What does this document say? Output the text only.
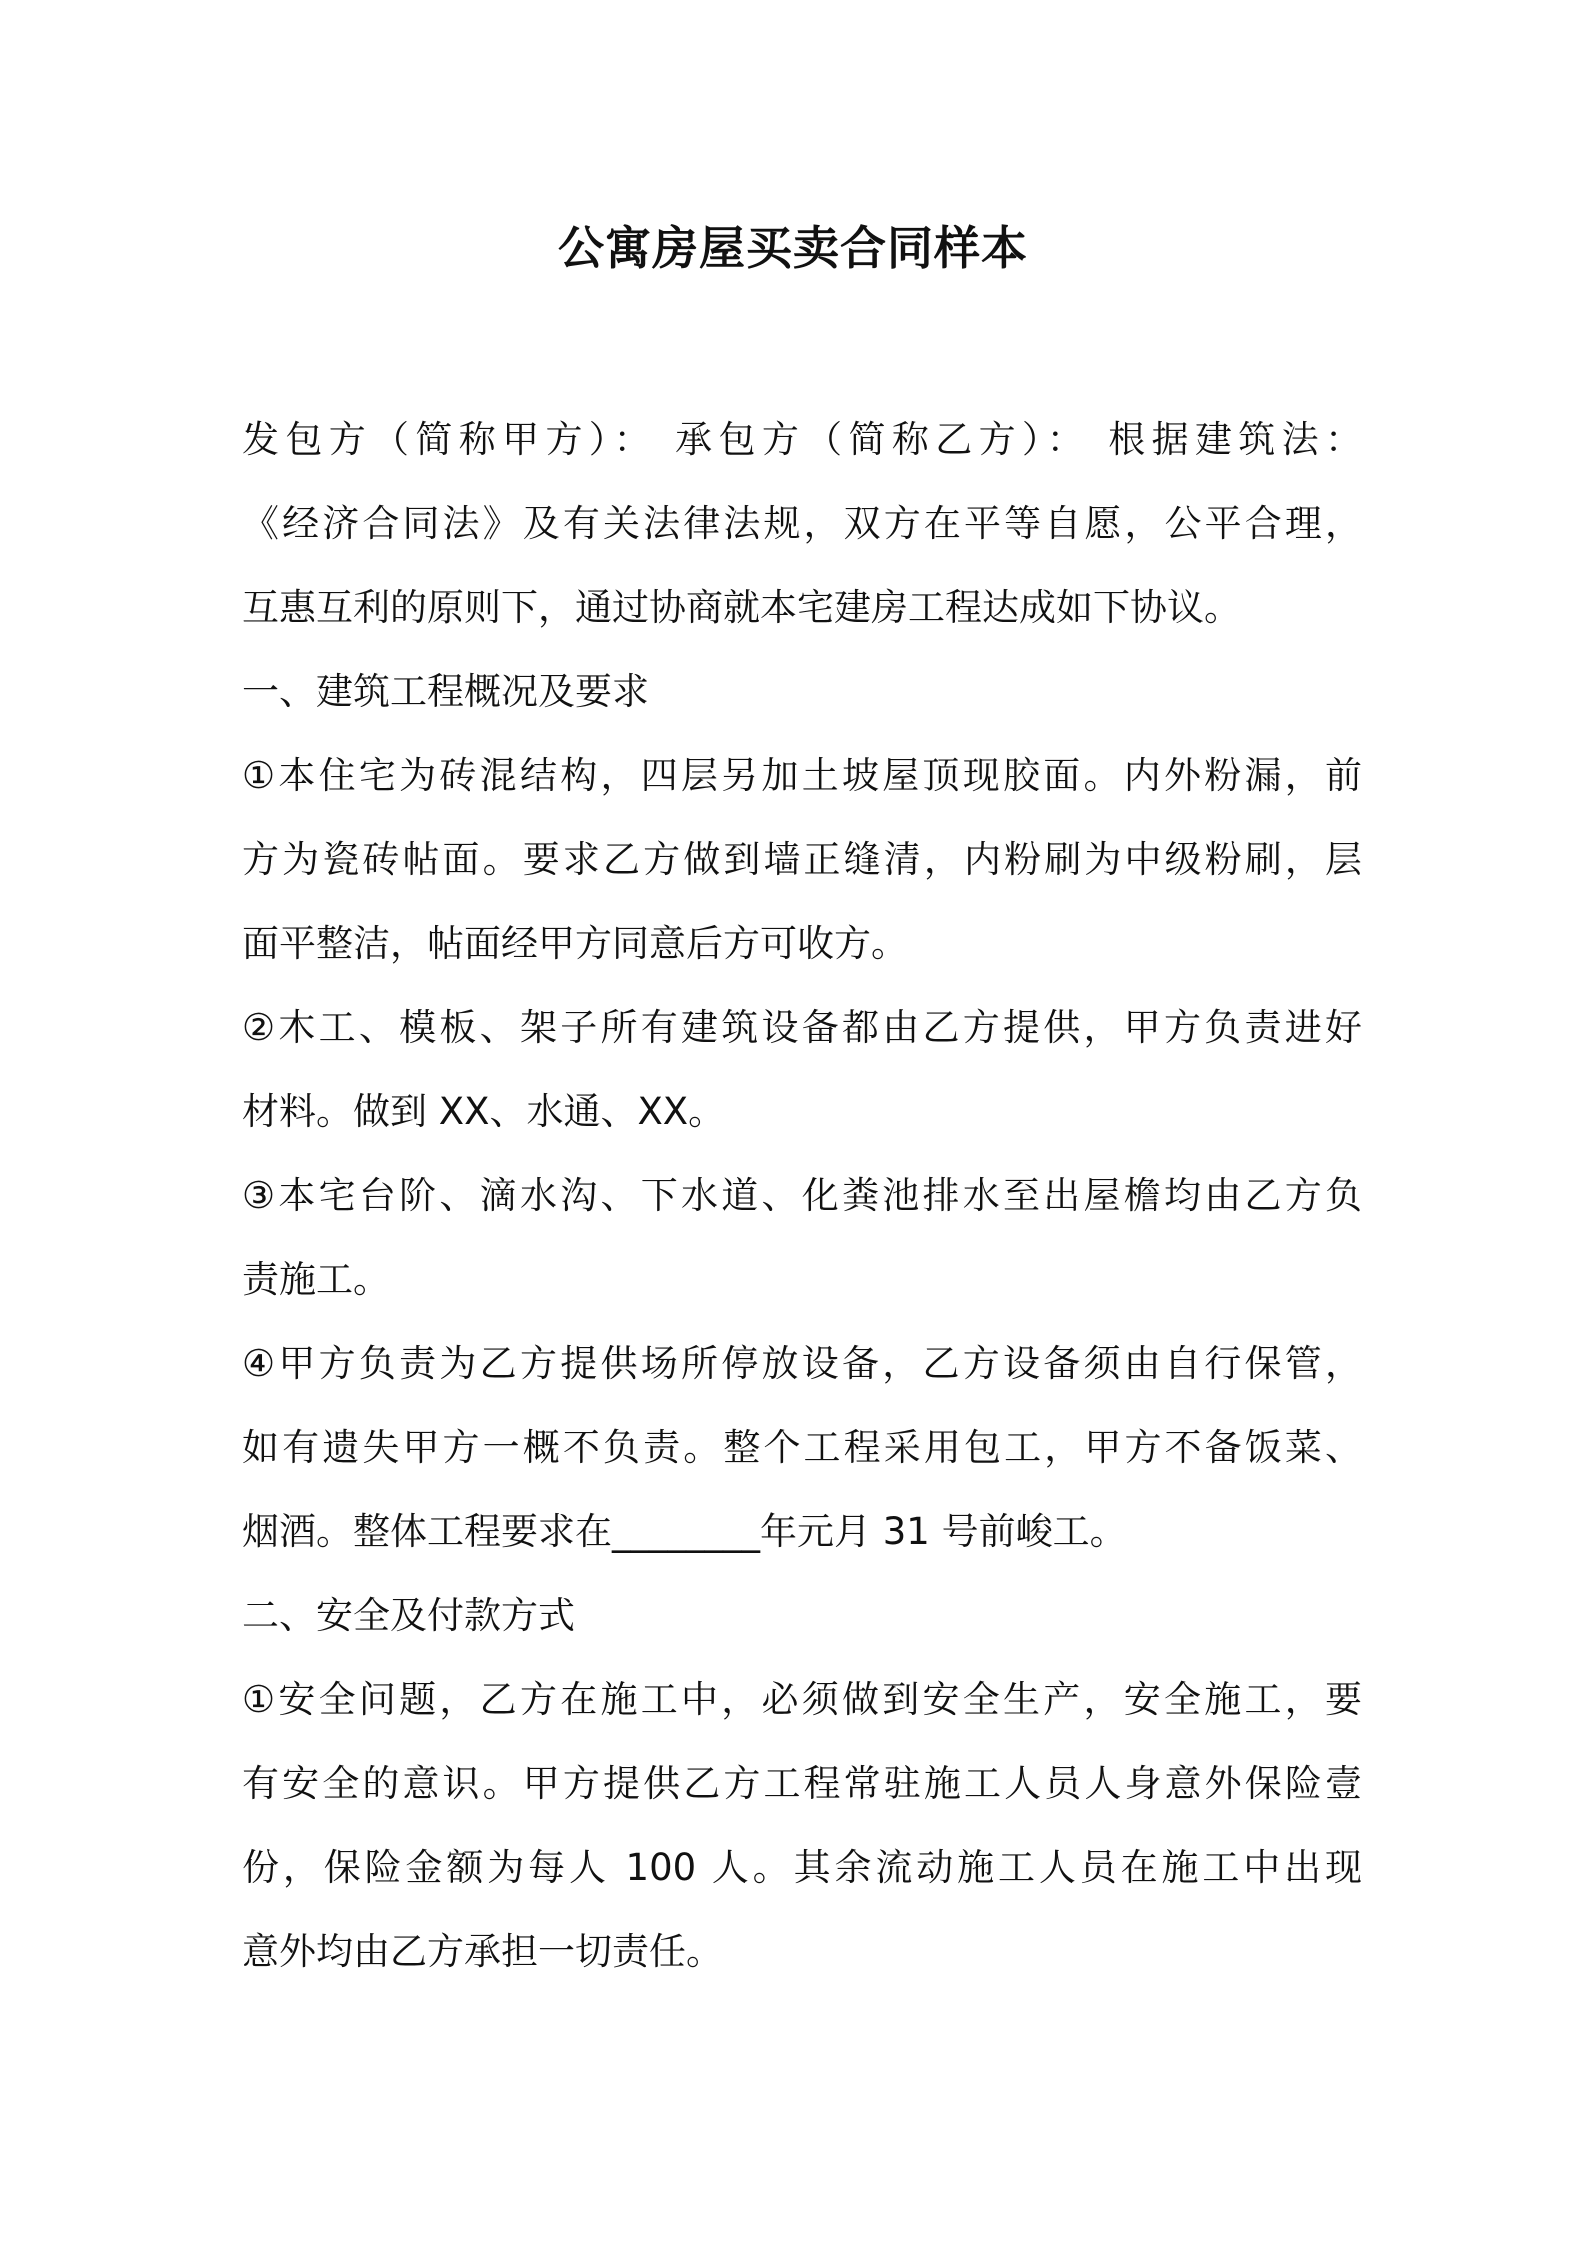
公寓房屋买卖合同样本
发包方（简称甲方）： 承包方（简称乙方）： 根据建筑法：
《经济合同法》及有关法律法规，双方在平等自愿，公平合理，
互惠互利的原则下，通过协商就本宅建房工程达成如下协议。
一、建筑工程概况及要求
①本住宅为砖混结构，四层另加土坡屋顶现胶面。内外粉漏，前
方为瓷砖帖面。要求乙方做到墙正缝清，内粉刷为中级粉刷，层
面平整洁，帖面经甲方同意后方可收方。
②木工、模板、架子所有建筑设备都由乙方提供，甲方负责进好
材料。做到 XX、水通、XX。
③本宅台阶、滴水沟、下水道、化粪池排水至出屋檐均由乙方负
责施工。
④甲方负责为乙方提供场所停放设备，乙方设备须由自行保管，
如有遗失甲方一概不负责。整个工程采用包工，甲方不备饭菜、
烟酒。整体工程要求在________年元月 31 号前峻工。
二、安全及付款方式
①安全问题，乙方在施工中，必须做到安全生产，安全施工，要
有安全的意识。甲方提供乙方工程常驻施工人员人身意外保险壹
份，保险金额为每人 100 人。其余流动施工人员在施工中出现
意外均由乙方承担一切责任。
